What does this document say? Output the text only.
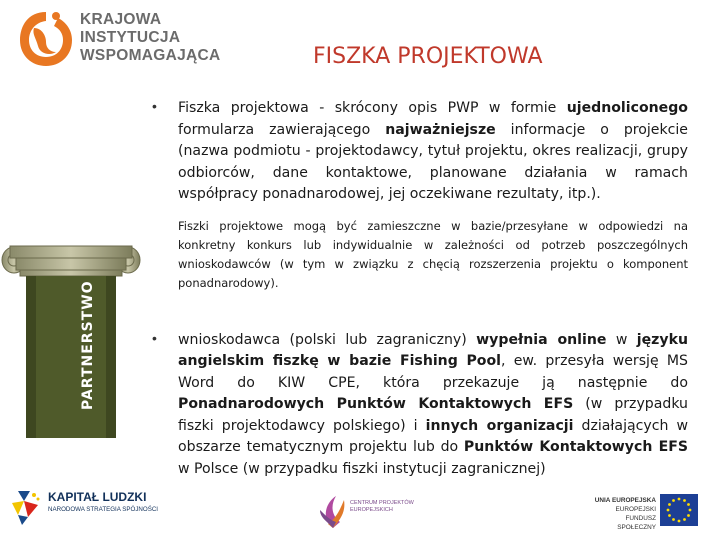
KRAJOWA
INSTYTUCJA
WSPOMAGAJĄCA	FISZKA PROJEKTOWA
PARTNERSTWO
• Fiszka projektowa - skrócony opis PWP w formie ujednoliconego formularza zawierającego najważniejsze informacje o projekcie (nazwa podmiotu - projektodawcy, tytuł projektu, okres realizacji, grupy odbiorców, dane kontaktowe, planowane działania w ramach współpracy ponadnarodowej, jej oczekiwane rezultaty, itp.).
Fiszki projektowe mogą być zamieszczne w bazie/przesyłane w odpowiedzi na konkretny konkurs lub indywidualnie w zależności od potrzeb poszczególnych wnioskodawców (w tym w związku z chęcią rozszerzenia projektu o komponent ponadnarodowy).
• wnioskodawca (polski lub zagraniczny) wypełnia online w języku angielskim fiszkę w bazie Fishing Pool, ew. przesyła wersję MS Word do KIW CPE, która przekazuje ją następnie do Ponadnarodowych Punktów Kontaktowych EFS (w przypadku fiszki projektodawcy polskiego) i innych organizacji działających w obszarze tematycznym projektu lub do Punktów Kontaktowych EFS w Polsce (w przypadku fiszki instytucji zagranicznej)
KAPITAŁ LUDZKI
NARODOWA STRATEGIA SPÓJNOŚCI
CENTRUM PROJEKTÓW EUROPEJSKICH
UNIA EUROPEJSKA
EUROPEJSKI
FUNDUSZ SPOŁECZNY
